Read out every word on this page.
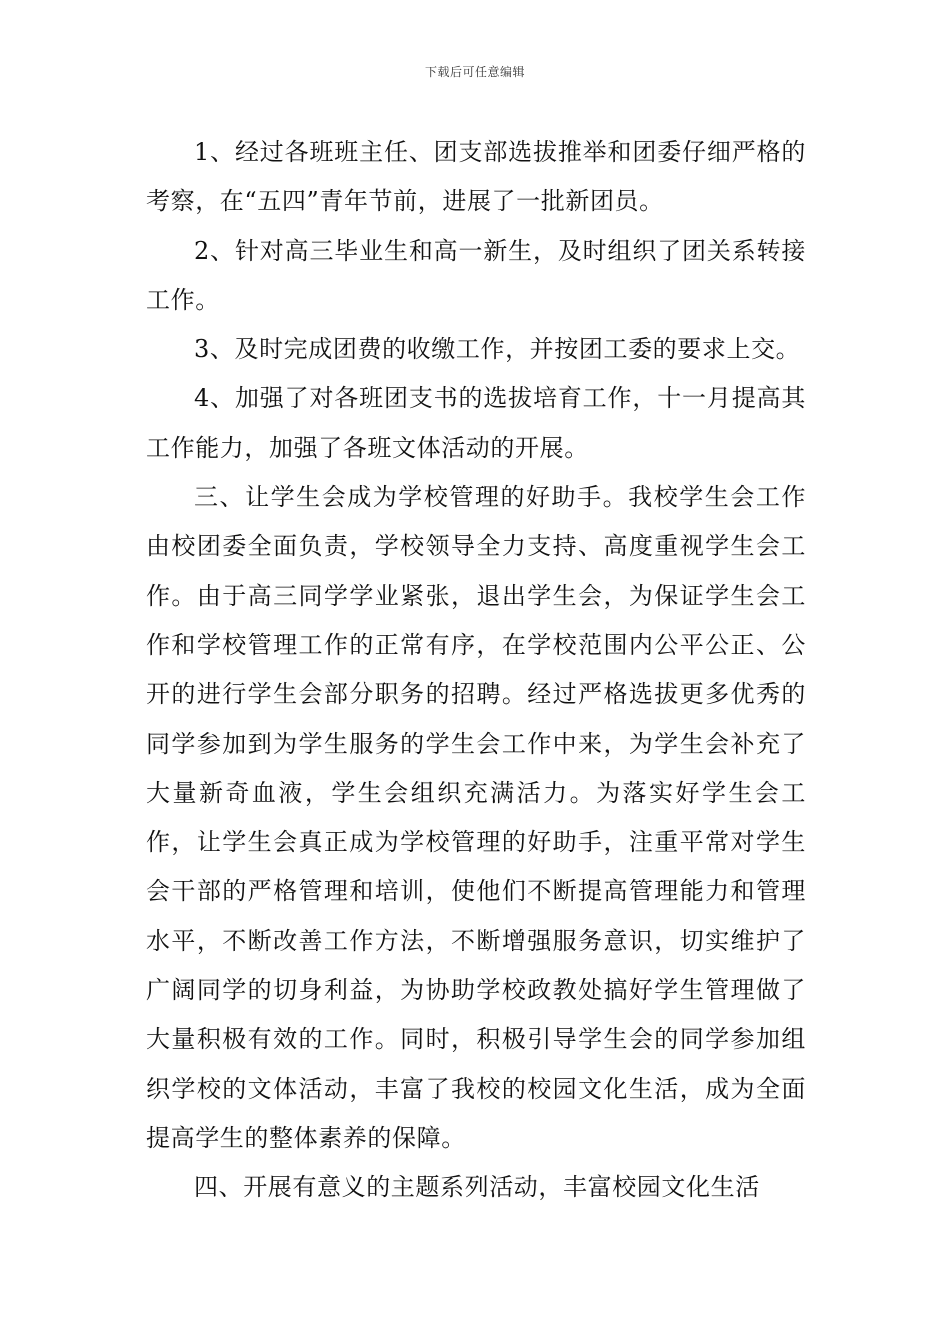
下载后可任意编辑

1、经过各班班主任、团支部选拔推举和团委仔细严格的考察，在“五四”青年节前，进展了一批新团员。

2、针对高三毕业生和高一新生，及时组织了团关系转接工作。

3、及时完成团费的收缴工作，并按团工委的要求上交。

4、加强了对各班团支书的选拔培育工作，十一月提高其工作能力，加强了各班文体活动的开展。

三、让学生会成为学校管理的好助手。我校学生会工作由校团委全面负责，学校领导全力支持、高度重视学生会工作。由于高三同学学业紧张，退出学生会，为保证学生会工作和学校管理工作的正常有序，在学校范围内公平公正、公开的进行学生会部分职务的招聘。经过严格选拔更多优秀的同学参加到为学生服务的学生会工作中来，为学生会补充了大量新奇血液，学生会组织充满活力。为落实好学生会工作，让学生会真正成为学校管理的好助手，注重平常对学生会干部的严格管理和培训，使他们不断提高管理能力和管理水平，不断改善工作方法，不断增强服务意识，切实维护了广阔同学的切身利益，为协助学校政教处搞好学生管理做了大量积极有效的工作。同时，积极引导学生会的同学参加组织学校的文体活动，丰富了我校的校园文化生活，成为全面提高学生的整体素养的保障。

四、开展有意义的主题系列活动，丰富校园文化生活
